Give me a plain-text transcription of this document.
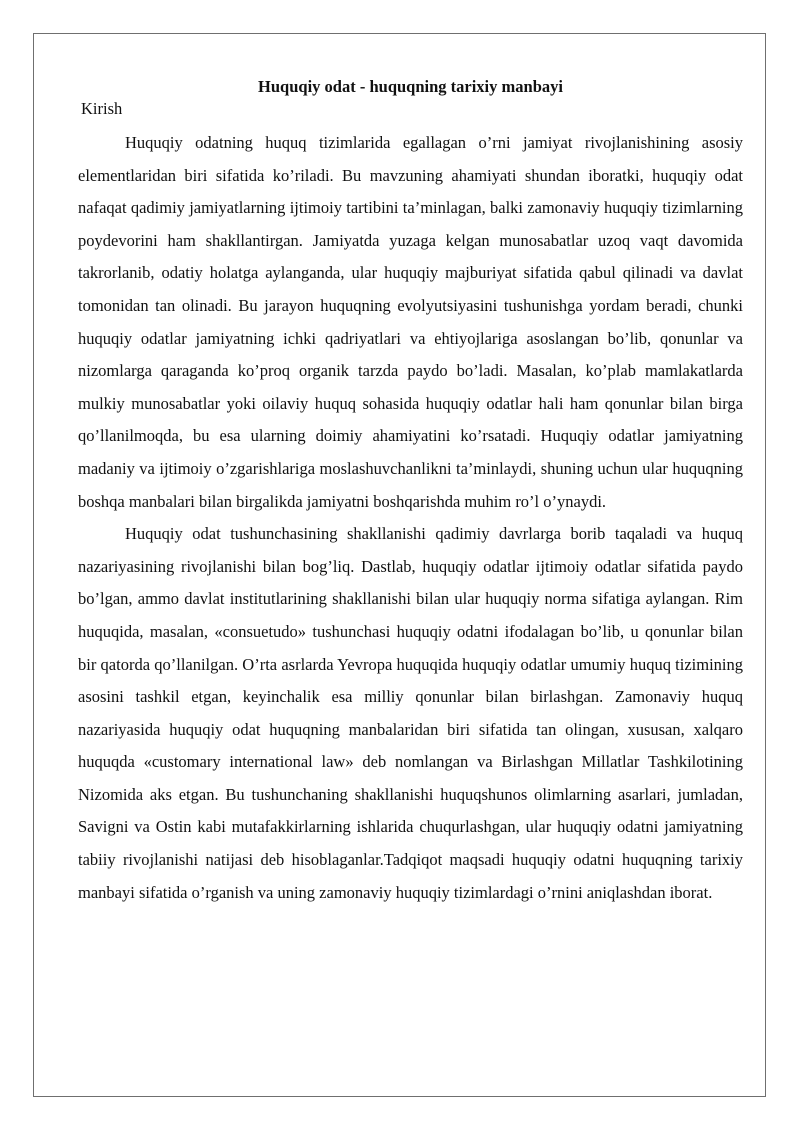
Huquqiy odat - huquqning tarixiy manbayi
Kirish

Huquqiy odatning huquq tizimlarida egallagan o’rni jamiyat rivojlanishining asosiy elementlaridan biri sifatida ko’riladi. Bu mavzuning ahamiyati shundan iboratki, huquqiy odat nafaqat qadimiy jamiyatlarning ijtimoiy tartibini ta’minlagan, balki zamonaviy huquqiy tizimlarning poydevorini ham shakllantirgan. Jamiyatda yuzaga kelgan munosabatlar uzoq vaqt davomida takrorlanib, odatiy holatga aylanganda, ular huquqiy majburiyat sifatida qabul qilinadi va davlat tomonidan tan olinadi. Bu jarayon huquqning evolyutsiyasini tushunishga yordam beradi, chunki huquqiy odatlar jamiyatning ichki qadriyatlari va ehtiyojlariga asoslangan bo’lib, qonunlar va nizomlarga qaraganda ko’proq organik tarzda paydo bo’ladi. Masalan, ko’plab mamlakatlarda mulkiy munosabatlar yoki oilaviy huquq sohasida huquqiy odatlar hali ham qonunlar bilan birga qo’llanilmoqda, bu esa ularning doimiy ahamiyatini ko’rsatadi. Huquqiy odatlar jamiyatning madaniy va ijtimoiy o’zgarishlariga moslashuvchanlikni ta’minlaydi, shuning uchun ular huquqning boshqa manbalari bilan birgalikda jamiyatni boshqarishda muhim ro’l o’ynaydi.

Huquqiy odat tushunchasining shakllanishi qadimiy davrlarga borib taqaladi va huquq nazariyasining rivojlanishi bilan bog’liq. Dastlab, huquqiy odatlar ijtimoiy odatlar sifatida paydo bo’lgan, ammo davlat institutlarining shakllanishi bilan ular huquqiy norma sifatiga aylangan. Rim huquqida, masalan, «consuetudo» tushunchasi huquqiy odatni ifodalagan bo’lib, u qonunlar bilan bir qatorda qo’llanilgan. O’rta asrlarda Yevropa huquqida huquqiy odatlar umumiy huquq tizimining asosini tashkil etgan, keyinchalik esa milliy qonunlar bilan birlashgan. Zamonaviy huquq nazariyasida huquqiy odat huquqning manbalaridan biri sifatida tan olingan, xususan, xalqaro huquqda «customary international law» deb nomlangan va Birlashgan Millatlar Tashkilotining Nizomida aks etgan. Bu tushunchaning shakllanishi huquqshunos olimlarning asarlari, jumladan, Savigni va Ostin kabi mutafakkirlarning ishlarida chuqurlashgan, ular huquqiy odatni jamiyatning tabiiy rivojlanishi natijasi deb hisoblaganlar.Tadqiqot maqsadi huquqiy odatni huquqning tarixiy manbayi sifatida o’rganish va uning zamonaviy huquqiy tizimlardagi o’rnini aniqlashdan iborat.
